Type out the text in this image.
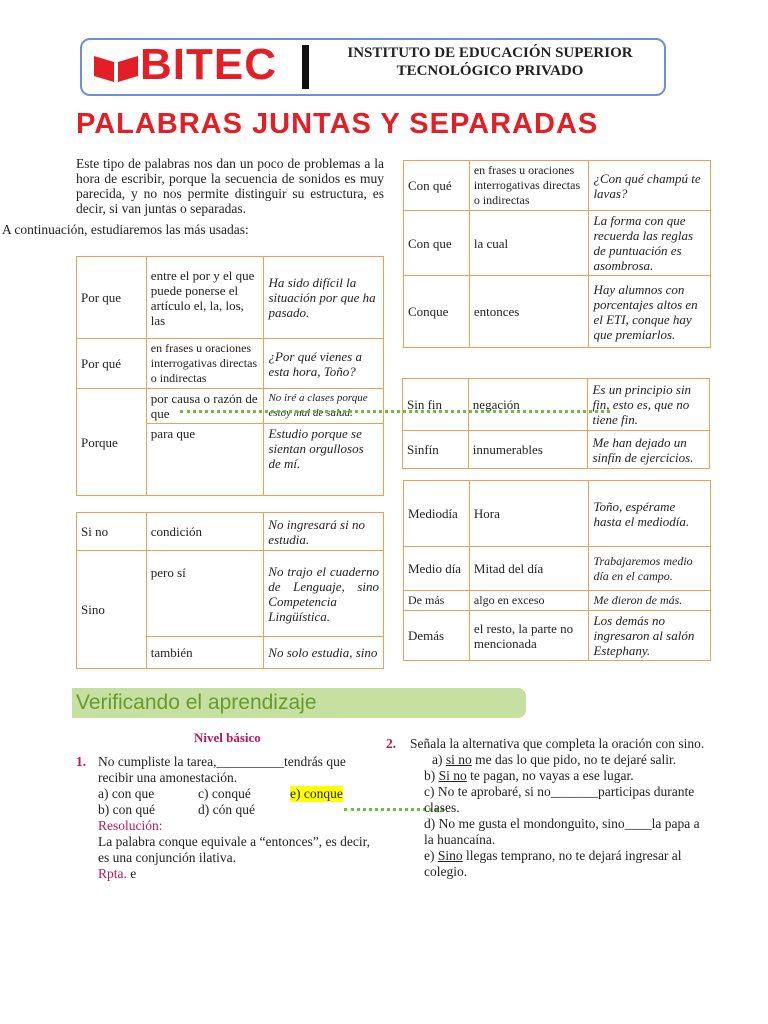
BITEC	INSTITUTO DE EDUCACIÓN SUPERIOR
TECNOLÓGICO PRIVADO
PALABRAS JUNTAS Y SEPARADAS
Este tipo de palabras nos dan un poco de problemas a la hora de escribir, porque la secuencia de sonidos es muy parecida, y no nos permite distinguir su estructura, es decir, si van juntas o separadas.
A continuación, estudiaremos las más usadas:
Por que	entre el por y el que puede ponerse el artículo el, la, los, las	Ha sido difícil la situación por que ha pasado.
Por qué	en frases u oraciones interrogativas directas o indirectas	¿Por qué vienes a esta hora, Toño?
Porque	por causa o razón de que	No iré a clases porque estoy mal de salud.
	para que	Estudio porque se sientan orgullosos de mí.
Si no	condición	No ingresará si no estudia.
Sino	pero sí	No trajo el cuaderno de Lenguaje, sino Competencia Lingüística.
	también	No solo estudia, sino
Con qué	en frases u oraciones interrogativas directas o indirectas	¿Con qué champú te lavas?
Con que	la cual	La forma con que recuerda las reglas de puntuación es asombrosa.
Conque	entonces	Hay alumnos con porcentajes altos en el ETI, conque hay que premiarlos.
Sin fin	negación	Es un principio sin fin, esto es, que no tiene fin.
Sinfín	innumerables	Me han dejado un sinfín de ejercicios.
Mediodía	Hora	Toño, espérame hasta el mediodía.
Medio día	Mitad del día	Trabajaremos medio día en el campo.
De más	algo en exceso	Me dieron de más.
Demás	el resto, la parte no mencionada	Los demás no ingresaron al salón Estephany.
Verificando el aprendizaje
Nivel básico
1. No cumpliste la tarea,__________tendrás que recibir una amonestación.
a) con que	c) conqué	e) conque
b) con qué	d) cón qué
Resolución:
La palabra conque equivale a “entonces”, es decir, es una conjunción ilativa.
Rpta. e
2. Señala la alternativa que completa la oración con sino.
a) si no me das lo que pido, no te dejaré salir.
b) Si no te pagan, no vayas a ese lugar.
c) No te aprobaré, si no_______participas durante clases.
d) No me gusta el mondonguito, sino____la papa a la huancaína.
e) Sino llegas temprano, no te dejará ingresar al colegio.
